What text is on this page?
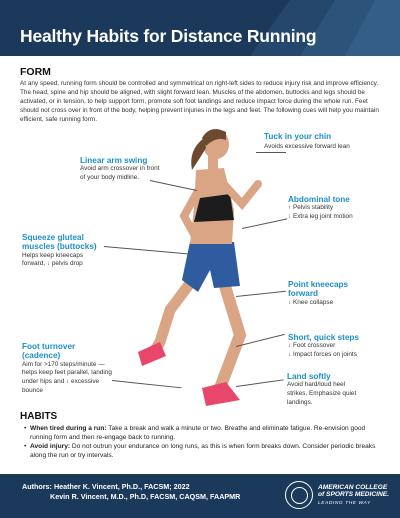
Healthy Habits for Distance Running
FORM
At any speed, running form should be controlled and symmetrical on right-left sides to reduce injury risk and improve efficiency. The head, spine and hip should be aligned, with slight forward lean. Muscles of the abdomen, buttocks and legs should be activated, or in tension, to help support form, promote soft foot landings and reduce impact force during the whole run. Feet should not cross over in front of the body, helping prevent injuries in the legs and feet. The following cues will help you maintain efficient, safe running form.
Tuck in your chin
Avoids excessive forward lean
Linear arm swing
Avoid arm crossover in front of your body midline.
Abdominal tone
↑ Pelvis stability
↓ Extra leg joint motion
Squeeze gluteal muscles (buttocks)
Helps keep kneecaps forward, ↓ pelvis drop
Point kneecaps forward
↓ Knee collapse
Short, quick steps
↓ Foot crossover
↓ Impact forces on joints
Foot turnover (cadence)
Aim for >170 steps/minute — helps keep feet parallel, landing under hips and ↓ excessive bounce
Land softly
Avoid hard/loud heel strikes. Emphasize quiet landings.
HABITS
• When tired during a run: Take a break and walk a minute or two. Breathe and eliminate fatigue. Re-envision good running form and then re-engage back to running.
• Avoid injury: Do not outrun your endurance on long runs, as this is when form breaks down. Consider periodic breaks along the run or try intervals.
Authors: Heather K. Vincent, Ph.D., FACSM; 2022
Kevin R. Vincent, M.D., Ph.D, FACSM, CAQSM, FAAPMR
AMERICAN COLLEGE
of SPORTS MEDICINE.
LEADING THE WAY
